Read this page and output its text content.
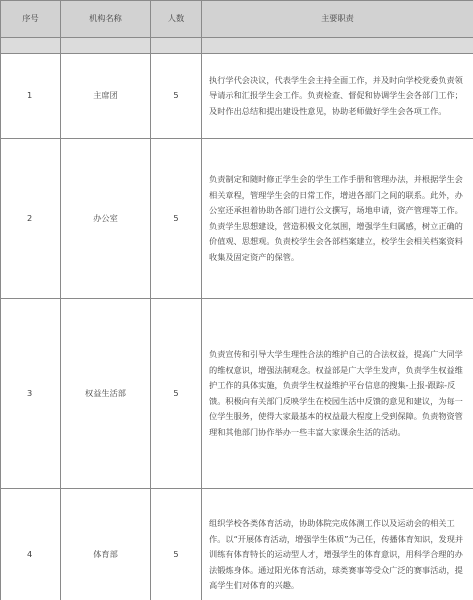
序号	机构名称	人数	主要职责

1	主席团	5	执行学代会决议，代表学生会主持全面工作，并及时向学校党委负责领导请示和汇报学生会工作。负责检查、督促和协调学生会各部门工作；及时作出总结和提出建设性意见，协助老师做好学生会各项工作。
2	办公室	5	负责制定和随时修正学生会的学生工作手册和管理办法，并根据学生会相关章程，管理学生会的日常工作，增进各部门之间的联系。此外，办公室还承担着协助各部门进行公文撰写，场地申请，资产管理等工作。负责学生思想建设，营造积极文化氛围，增强学生归属感，树立正确的价值观、思想观。负责校学生会各部档案建立，校学生会相关档案资料收集及固定资产的保管。
3	权益生活部	5	负责宣传和引导大学生理性合法的维护自己的合法权益，提高广大同学的维权意识，增强法制观念。权益部是广大学生发声，负责学生权益维护工作的具体实施，负责学生权益维护平台信息的搜集-上报-跟踪-反馈。积极向有关部门反映学生在校园生活中反馈的意见和建议，为每一位学生服务，使得大家最基本的权益最大程度上受到保障。负责物资管理和其他部门协作举办一些丰富大家课余生活的活动。
4	体育部	5	组织学校各类体育活动，协助体院完成体测工作以及运动会的相关工作。以“开展体育活动，增强学生体质”为己任，传播体育知识，发现并训练有体育特长的运动型人才，增强学生的体育意识，用科学合理的办法锻炼身体。通过阳光体育活动，球类赛事等受众广泛的赛事活动，提高学生们对体育的兴趣。
